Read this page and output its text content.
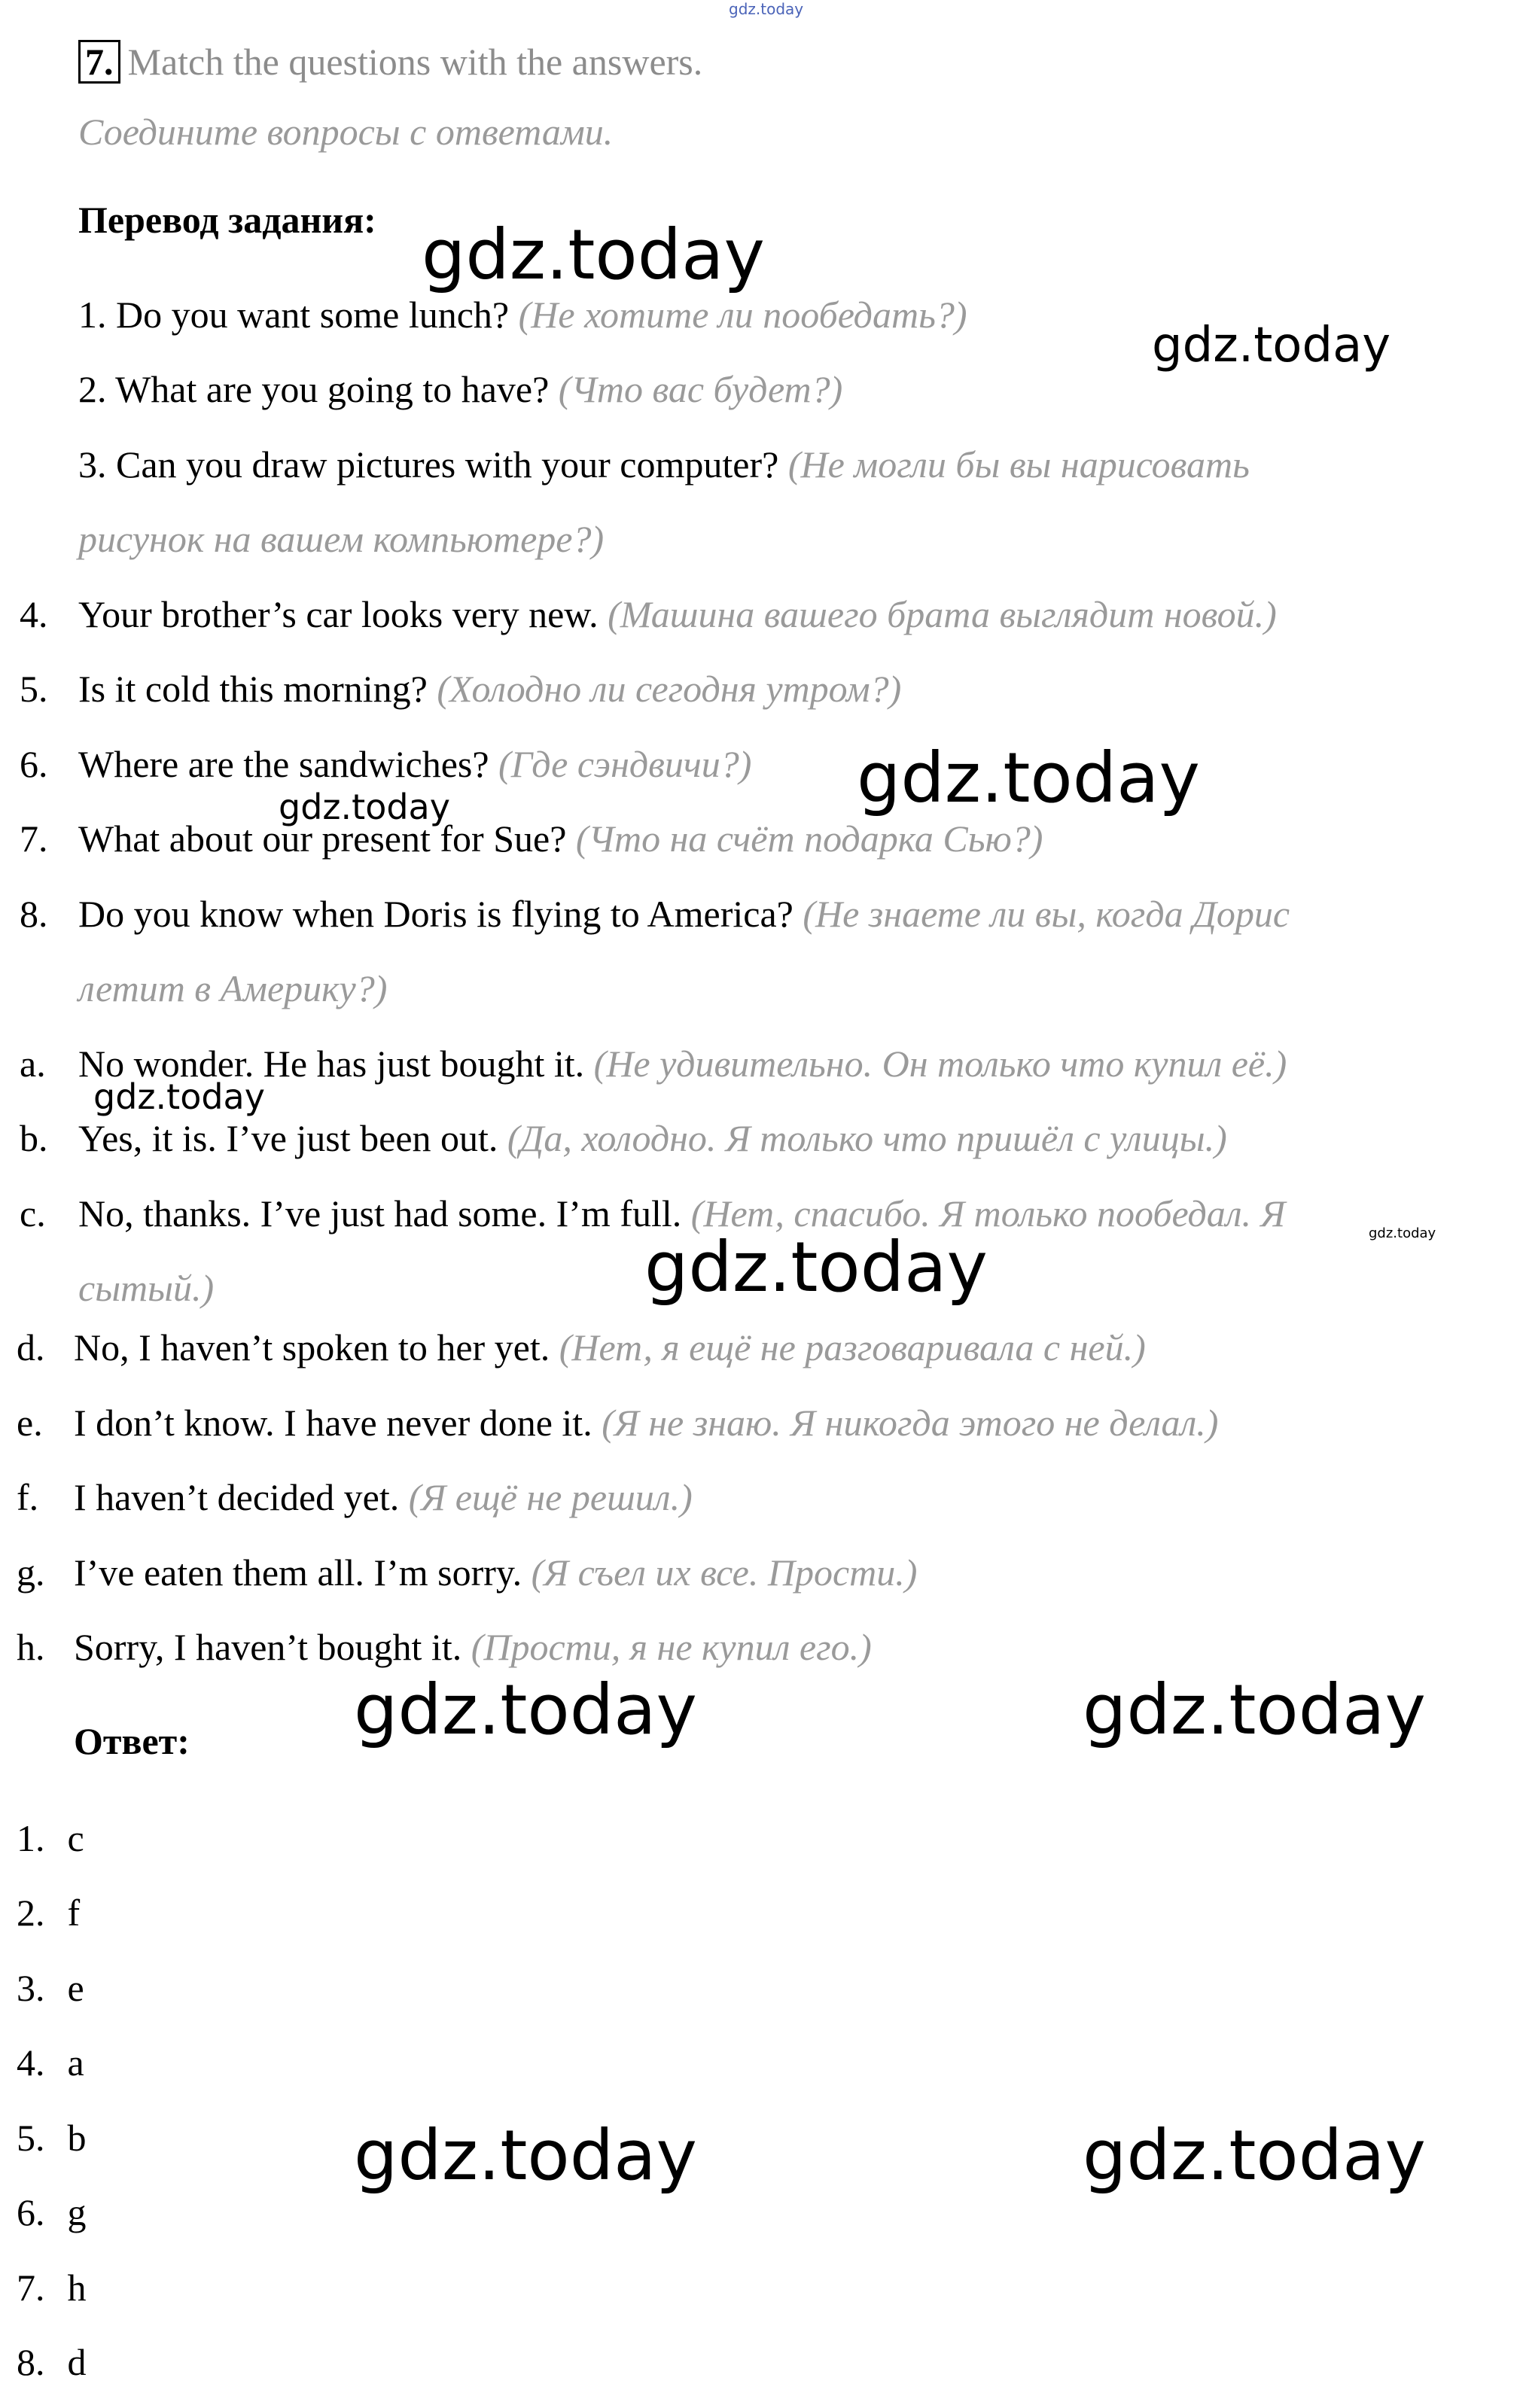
gdz.today
7. Match the questions with the answers.
Соедините вопросы с ответами.
Перевод задания:
1. Do you want some lunch? (Не хотите ли пообедать?)
2. What are you going to have? (Что вас будет?)
3. Can you draw pictures with your computer? (Не могли бы вы нарисовать
рисунок на вашем компьютере?)
4. Your brother’s car looks very new. (Машина вашего брата выглядит новой.)
5. Is it cold this morning? (Холодно ли сегодня утром?)
6. Where are the sandwiches? (Где сэндвичи?)
7. What about our present for Sue? (Что на счёт подарка Сью?)
8. Do you know when Doris is flying to America? (Не знаете ли вы, когда Дорис
летит в Америку?)
a. No wonder. He has just bought it. (Не удивительно. Он только что купил её.)
b. Yes, it is. I’ve just been out. (Да, холодно. Я только что пришёл с улицы.)
c. No, thanks. I’ve just had some. I’m full. (Нет, спасибо. Я только пообедал. Я
сытый.)
d. No, I haven’t spoken to her yet. (Нет, я ещё не разговаривала с ней.)
e. I don’t know. I have never done it. (Я не знаю. Я никогда этого не делал.)
f. I haven’t decided yet. (Я ещё не решил.)
g. I’ve eaten them all. I’m sorry. (Я съел их все. Прости.)
h. Sorry, I haven’t bought it. (Прости, я не купил его.)
Ответ:
1. c
2. f
3. e
4. a
5. b
6. g
7. h
8. d
gdz.today
gdz.today
gdz.today
gdz.today
gdz.today
gdz.today
gdz.today
gdz.today	gdz.today
gdz.today	gdz.today
